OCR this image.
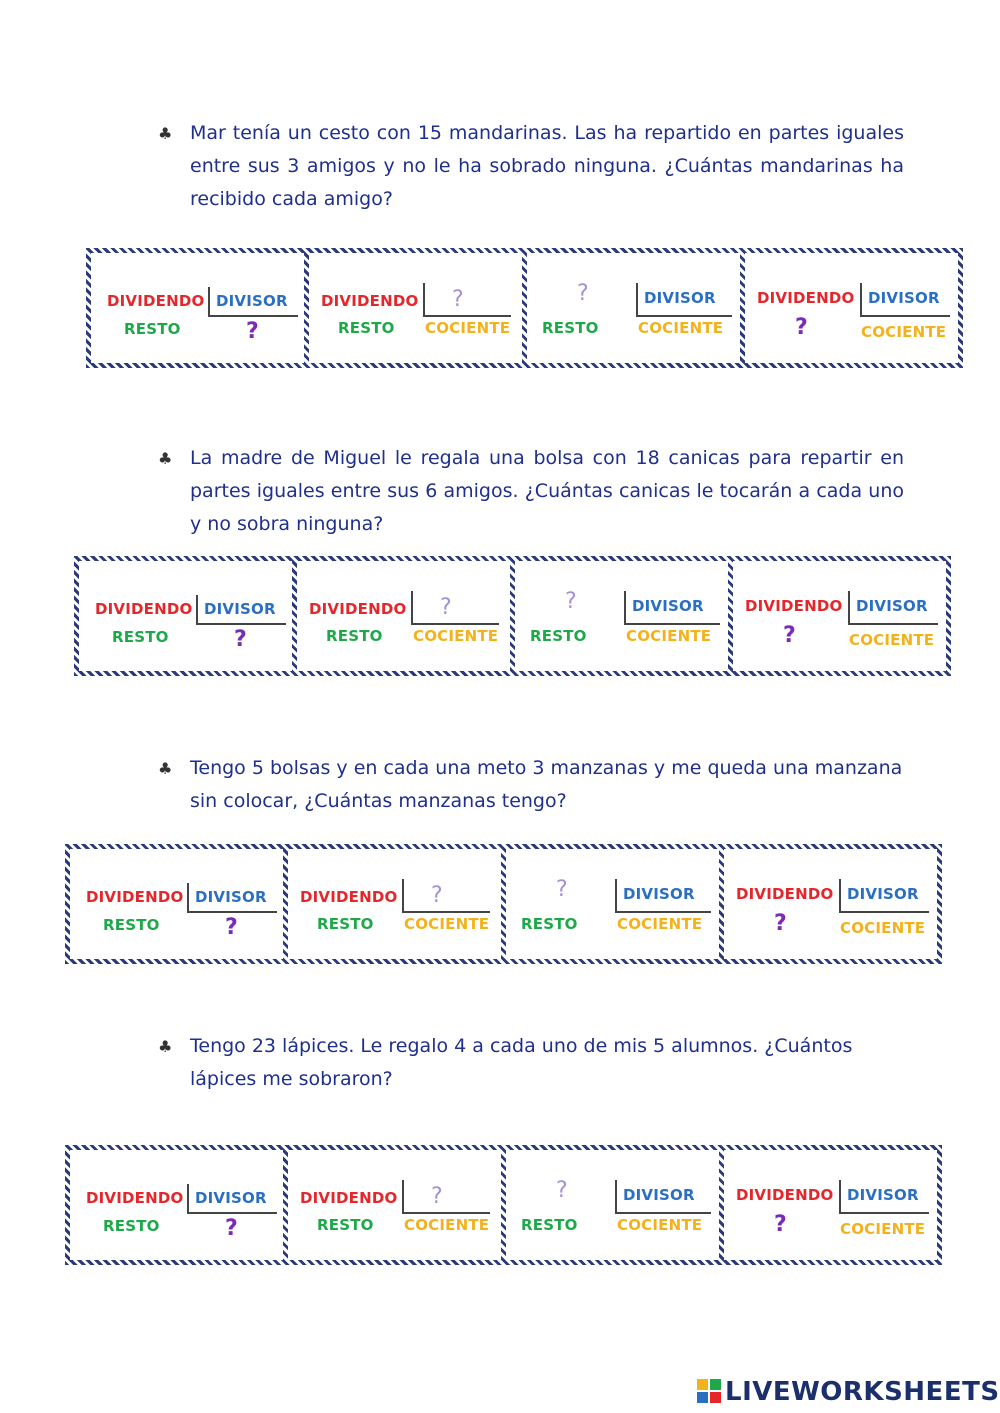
♣ Mar tenía un cesto con 15 mandarinas. Las ha repartido en partes iguales entre sus 3 amigos y no le ha sobrado ninguna. ¿Cuántas mandarinas ha recibido cada amigo?
DIVIDENDO DIVISOR
RESTO	?
DIVIDENDO ?
RESTO COCIENTE
?	DIVISOR
RESTO	COCIENTE
DIVIDENDO DIVISOR
?	COCIENTE
♣ La madre de Miguel le regala una bolsa con 18 canicas para repartir en partes iguales entre sus 6 amigos. ¿Cuántas canicas le tocarán a cada uno y no sobra ninguna?
DIVIDENDO DIVISOR
RESTO	?
DIVIDENDO ?
RESTO COCIENTE
?	DIVISOR
RESTO	COCIENTE
DIVIDENDO DIVISOR
?	COCIENTE
♣ Tengo 5 bolsas y en cada una meto 3 manzanas y me queda una manzana sin colocar, ¿Cuántas manzanas tengo?
DIVIDENDO DIVISOR
RESTO	?
DIVIDENDO ?
RESTO COCIENTE
?	DIVISOR
RESTO	COCIENTE
DIVIDENDO DIVISOR
?	COCIENTE
♣ Tengo 23 lápices. Le regalo 4 a cada uno de mis 5 alumnos. ¿Cuántos lápices me sobraron?
DIVIDENDO DIVISOR
RESTO	?
DIVIDENDO ?
RESTO COCIENTE
?	DIVISOR
RESTO	COCIENTE
DIVIDENDO DIVISOR
?	COCIENTE
LIVEWORKSHEETS
